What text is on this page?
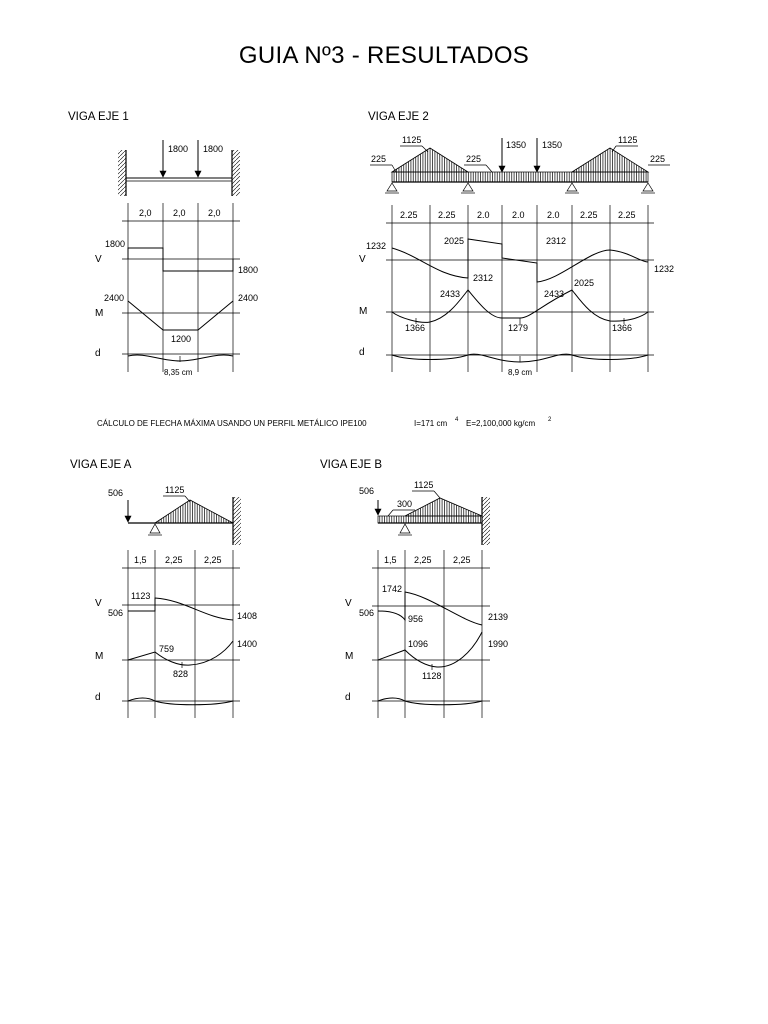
GUIA Nº3 - RESULTADOS
VIGA EJE 1
1800 1800
2,0 2,0 2,0
V
1800
1800
M
2400	2400
1200
d
8,35 cm
VIGA EJE 2
225
1125
225
1350 1350	1125
225
2.25 2.25 2.0 2.0 2.0 2.25 2.25
V
1232	2025
2312
2312
2025
1232
M
2433	2433
1366	1279	1366
d
8,9 cm
CÁLCULO DE FLECHA MÁXIMA USANDO UN PERFIL METÁLICO IPE100	I=171 cm 4 E=2,100,000 kg/cm 2
VIGA EJE A
506	1125
1,5 2,25 2,25
V
1123
506	1408
M
1400
759
828
d
VIGA EJE B
506
1125
300
1,5 2,25 2,25
V
1742
506
956	2139
M
1096	1990
1128
d
